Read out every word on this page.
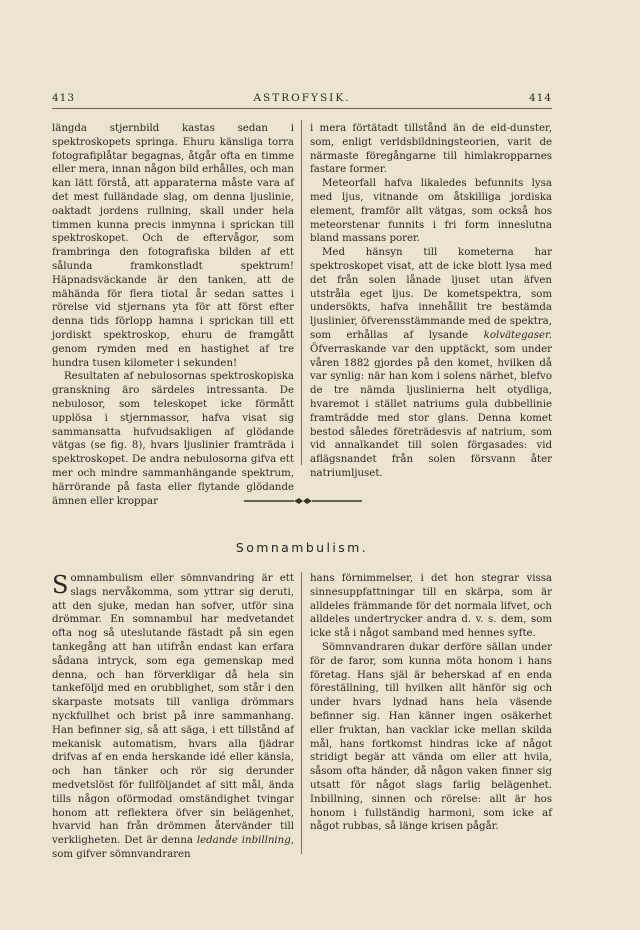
413	ASTROFYSIK.	414

längda stjernbild kastas sedan i spektroskopets springa. Ehuru känsliga torra fotografiplåtar begagnas, åtgår ofta en timme eller mera, innan någon bild erhålles, och man kan lätt förstå, att apparaterna måste vara af det mest fulländade slag, om denna ljuslinie, oaktadt jordens rullning, skall under hela timmen kunna precis inmynna i sprickan till spektroskopet. Och de eftervågor, som frambringa den fotografiska bilden af ett sålunda framkonstladt spektrum! Häpnadsväckande är den tanken, att de mähända för flera tiotal år sedan sattes i rörelse vid stjernans yta för att först efter denna tids förlopp hamna i sprickan till ett jordiskt spektroskop, ehuru de framgått genom rymden med en hastighet af tre hundra tusen kilometer i sekunden!

Resultaten af nebulosornas spektroskopiska granskning äro särdeles intressanta. De nebulosor, som teleskopet icke förmått upplösa i stjernmassor, hafva visat sig sammansatta hufvudsakligen af glödande vätgas (se fig. 8), hvars ljuslinier framträda i spektroskopet. De andra nebulosorna gifva ett mer och mindre sammanhängande spektrum, härrörande på fasta eller flytande glödande ämnen eller kroppar

i mera förtätadt tillstånd än de eld-dunster, som, enligt verldsbildningsteorien, varit de närmaste föregångarne till himlakropparnes fastare former.

Meteorfall hafva likaledes befunnits lysa med ljus, vitnande om åtskilliga jordiska element, framför allt vätgas, som också hos meteorstenar funnits i fri form inneslutna bland massans porer.

Med hänsyn till kometerna har spektroskopet visat, att de icke blott lysa med det från solen lånade ljuset utan äfven utstråla eget ljus. De kometspektra, som undersökts, hafva innehållit tre bestämda ljuslinier, öfverensstämmande med de spektra, som erhållas af lysande kolvätegaser. Öfverraskande var den upptäckt, som under våren 1882 gjordes på den komet, hvilken då var synlig: när han kom i solens närhet, blefvo de tre nämda ljuslinierna helt otydliga, hvaremot i stället natriums gula dubbellinie framträdde med stor glans. Denna komet bestod således företrädesvis af natrium, som vid annalkandet till solen förgasades: vid aflägsnandet från solen försvann åter natriumljuset.

Somnambulism.

Somnambulism eller sömnvandring är ett slags nervåkomma, som yttrar sig deruti, att den sjuke, medan han sofver, utför sina drömmar. En somnambul har medvetandet ofta nog så uteslutande fästadt på sin egen tankegång att han utifrån endast kan erfara sådana intryck, som ega gemenskap med denna, och han förverkligar då hela sin tankeföljd med en orubblighet, som står i den skarpaste motsats till vanliga drömmars nyckfullhet och brist på inre sammanhang. Han befinner sig, så att säga, i ett tillstånd af mekanisk automatism, hvars alla fjädrar drifvas af en enda herskande idé eller känsla, och han tänker och rör sig derunder medvetslöst för fullföljandet af sitt mål, ända tills någon oförmodad omständighet tvingar honom att reflektera öfver sin belägenhet, hvarvid han från drömmen återvänder till verkligheten. Det är denna ledande inbillning, som gifver sömnvandraren

hans förnimmelser, i det hon stegrar vissa sinnesuppfattningar till en skärpa, som är alldeles främmande för det normala lifvet, och alldeles undertrycker andra d. v. s. dem, som icke stå i något samband med hennes syfte.

Sömnvandraren dukar derföre sällan under för de faror, som kunna möta honom i hans företag. Hans själ är beherskad af en enda föreställning, till hvilken allt hänför sig och under hvars lydnad hans hela väsende befinner sig. Han känner ingen osäkerhet eller fruktan, han vacklar icke mellan skilda mål, hans fortkomst hindras icke af något stridigt begär att vända om eller att hvila, såsom ofta händer, då någon vaken finner sig utsatt för något slags farlig belägenhet. Inbillning, sinnen och rörelse: allt är hos honom i fullständig harmoni, som icke af något rubbas, så länge krisen pågår.
